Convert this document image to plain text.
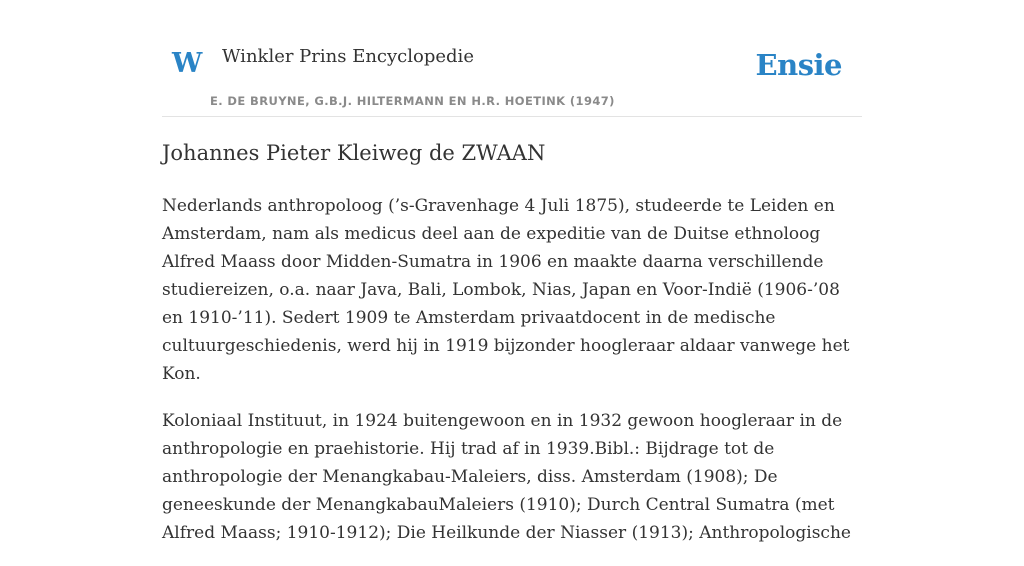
W Winkler Prins Encyclopedie
E. DE BRUYNE, G.B.J. HILTERMANN EN H.R. HOETINK (1947)
Ensie
Johannes Pieter Kleiweg de ZWAAN

Nederlands anthropoloog (’s-Gravenhage 4 Juli 1875), studeerde te Leiden en Amsterdam, nam als medicus deel aan de expeditie van de Duitse ethnoloog Alfred Maass door Midden-Sumatra in 1906 en maakte daarna verschillende studiereizen, o.a. naar Java, Bali, Lombok, Nias, Japan en Voor-Indië (1906-’08 en 1910-’11). Sedert 1909 te Amsterdam privaatdocent in de medische cultuurgeschiedenis, werd hij in 1919 bijzonder hoogleraar aldaar vanwege het Kon.

Koloniaal Instituut, in 1924 buitengewoon en in 1932 gewoon hoogleraar in de anthropologie en praehistorie. Hij trad af in 1939.Bibl.: Bijdrage tot de anthropologie der Menangkabau-Maleiers, diss. Amsterdam (1908); De geneeskunde der MenangkabauMaleiers (1910); Durch Central Sumatra (met Alfred Maass; 1910-1912); Die Heilkunde der Niasser (1913); Anthropologische
